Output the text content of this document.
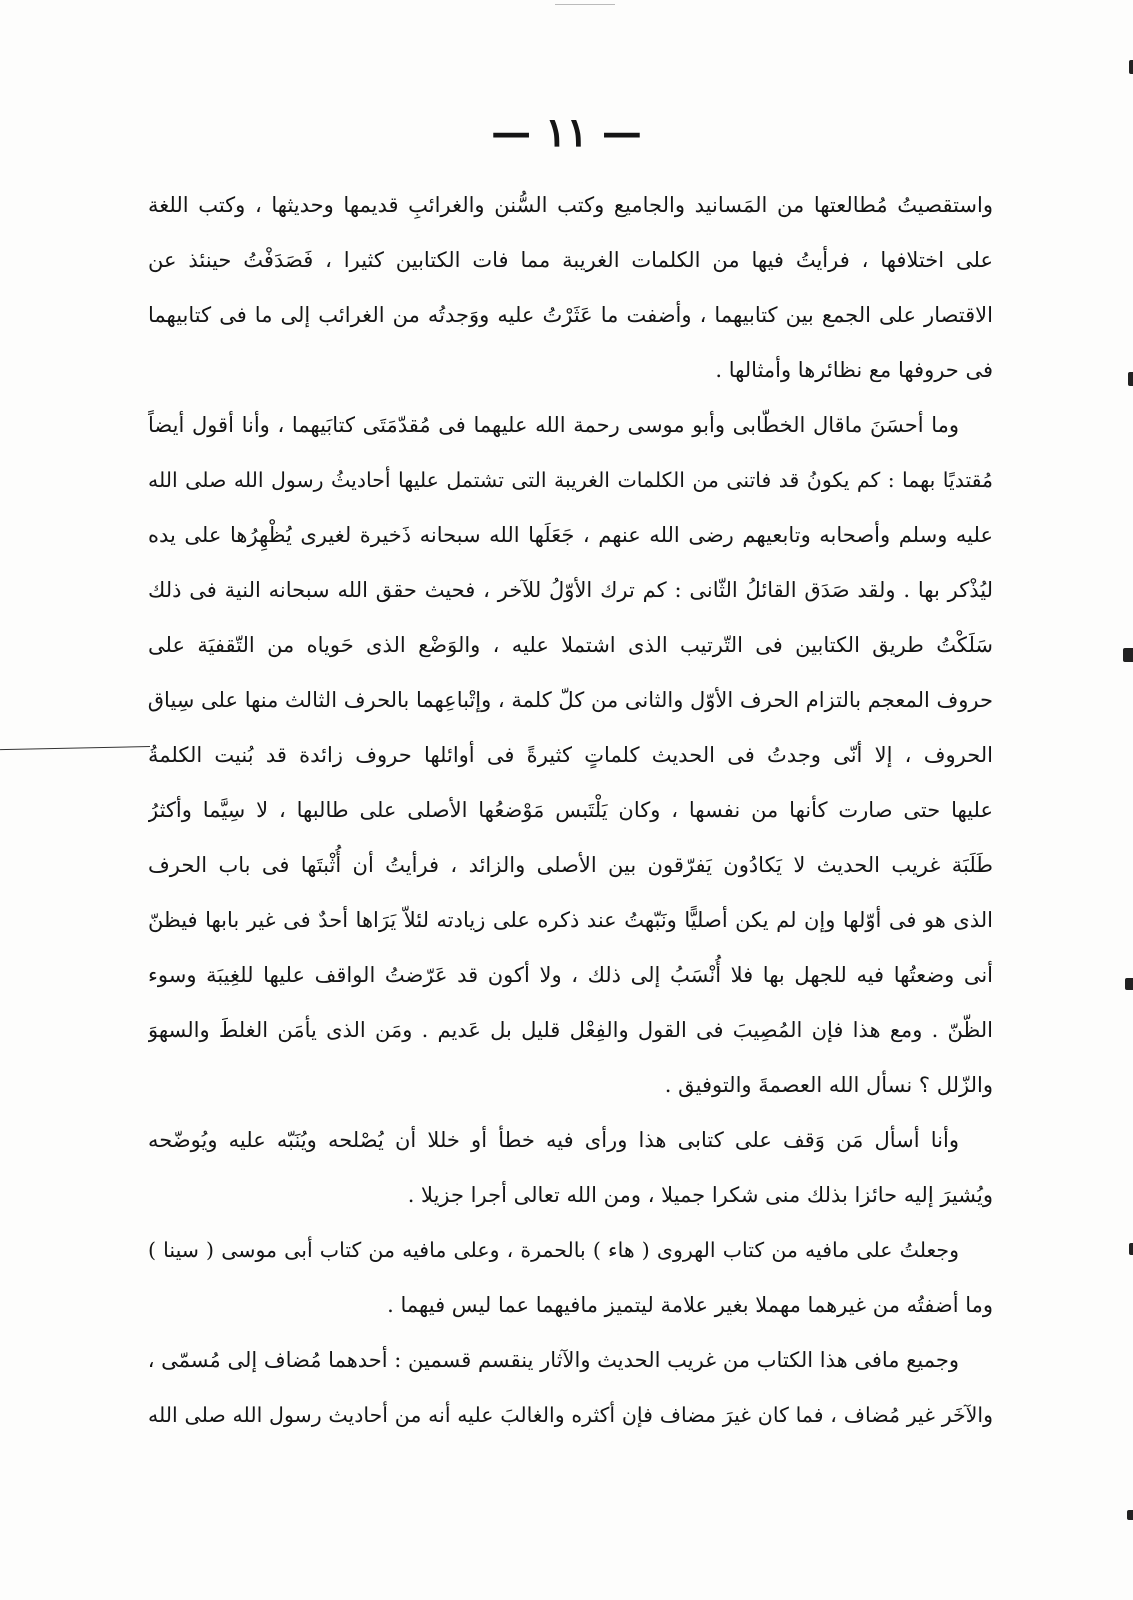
— ١١ —
واستقصيتُ مُطالعتها من المَسانيد والجاميع وكتب السُّنن والغرائبِ قديمها وحديثها ، وكتب اللغة
على اختلافها ، فرأيتُ فيها من الكلمات الغريبة مما فات الكتابين كثيرا ، فَصَدَفْتُ حينئذ عن
الاقتصار على الجمع بين كتابيهما ، وأضفت ما عَثَرْتُ عليه ووَجدتُه من الغرائب إلى ما فى كتابيهما
فى حروفها مع نظائرها وأمثالها .
وما أحسَنَ ماقال الخطّابى وأبو موسى رحمة الله عليهما فى مُقدّمَتَى كتابَيهما ، وأنا أقول أيضاً
مُقتديًا بهما : كم يكونُ قد فاتنى من الكلمات الغريبة التى تشتمل عليها أحاديثُ رسول الله صلى الله
عليه وسلم وأصحابه وتابعيهم رضى الله عنهم ، جَعَلَها الله سبحانه ذَخيرة لغيرى يُظْهِرُها على يده
ليُذْكر بها . ولقد صَدَق القائلُ الثّانى : كم ترك الأوّلُ للآخر ، فحيث حقق الله سبحانه النية فى ذلك
سَلَكْتُ طريق الكتابين فى التّرتيب الذى اشتملا عليه ، والوَضْع الذى حَوياه من التّقفيَة على
حروف المعجم بالتزام الحرف الأوّل والثانى من كلّ كلمة ، وإتْباعِهما بالحرف الثالث منها على سِياق
الحروف ، إلا أنّى وجدتُ فى الحديث كلماتٍ كثيرةً فى أوائلها حروف زائدة قد بُنيت الكلمةُ
عليها حتى صارت كأنها من نفسها ، وكان يَلْتَبس مَوْضعُها الأصلى على طالبها ، لا سِيَّما وأكثرُ
طَلَبَة غريب الحديث لا يَكادُون يَفرّقون بين الأصلى والزائد ، فرأيتُ أن أُثْبتَها فى باب الحرف
الذى هو فى أوّلها وإن لم يكن أصليًّا ونَبّهتُ عند ذكره على زيادته لئلاّ يَرَاها أحدٌ فى غير بابها فيظنّ
أنى وضعتُها فيه للجهل بها فلا أُنْسَبُ إلى ذلك ، ولا أكون قد عَرّضتُ الواقف عليها للغِيبَة وسوء
الظّنّ . ومع هذا فإن المُصِيبَ فى القول والفِعْل قليل بل عَديم . ومَن الذى يأمَن الغلطَ والسهوَ
والزّلل ؟ نسأل الله العصمةَ والتوفيق .
وأنا أسأل مَن وَقف على كتابى هذا ورأى فيه خطأ أو خللا أن يُصْلحه ويُنَبّه عليه ويُوضّحه
ويُشيرَ إليه حائزا بذلك منى شكرا جميلا ، ومن الله تعالى أجرا جزيلا .
وجعلتُ على مافيه من كتاب الهروى ( هاء ) بالحمرة ، وعلى مافيه من كتاب أبى موسى ( سينا )
وما أضفتُه من غيرهما مهملا بغير علامة ليتميز مافيهما عما ليس فيهما .
وجميع مافى هذا الكتاب من غريب الحديث والآثار ينقسم قسمين : أحدهما مُضاف إلى مُسمّى ،
والآخَر غير مُضاف ، فما كان غيرَ مضاف فإن أكثره والغالبَ عليه أنه من أحاديث رسول الله صلى الله
